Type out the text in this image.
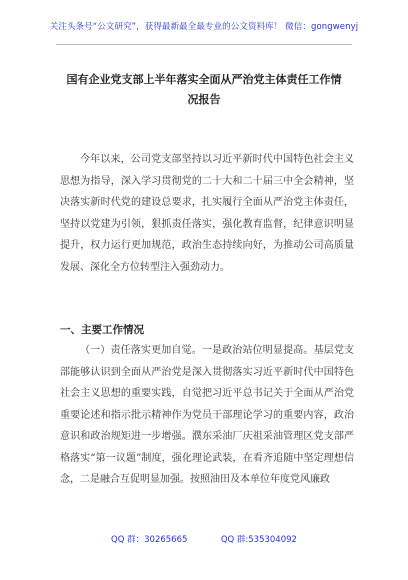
关注头条号“公文研究”，获得最新最全最专业的公文资料库！ 微信：gongwenyj
国有企业党支部上半年落实全面从严治党主体责任工作情况报告

今年以来，公司党支部坚持以习近平新时代中国特色社会主义思想为指导，深入学习贯彻党的二十大和二十届三中全会精神，坚决落实新时代党的建设总要求，扎实履行全面从严治党主体责任，坚持以党建为引领，狠抓责任落实，强化教育监督，纪律意识明显提升，权力运行更加规范，政治生态持续向好，为推动公司高质量发展、深化全方位转型注入强劲动力。

一、主要工作情况

（一）责任落实更加自觉。一是政治站位明显提高。基层党支部能够认识到全面从严治党是深入贯彻落实习近平新时代中国特色社会主义思想的重要实践，自觉把习近平总书记关于全面从严治党重要论述和指示批示精神作为党员干部理论学习的重要内容，政治意识和政治规矩进一步增强。濮东采油厂庆祖采油管理区党支部严格落实“第一议题”制度，强化理论武装，在看齐追随中坚定理想信念，二是融合互促明显加强。按照油田及本单位年度党风廉政

QQ 群：30265665	QQ 群:535304092
